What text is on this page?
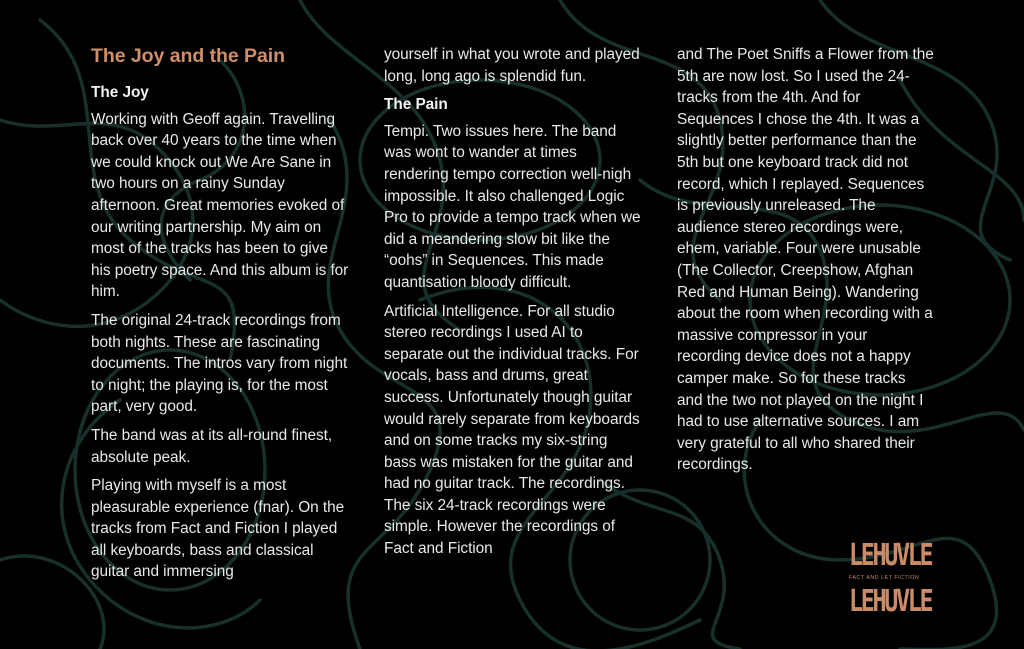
The Joy and the Pain
The Joy

Working with Geoff again. Travelling back over 40 years to the time when we could knock out We Are Sane in two hours on a rainy Sunday afternoon. Great memories evoked of our writing partnership. My aim on most of the tracks has been to give his poetry space. And this album is for him.

The original 24-track recordings from both nights. These are fascinating documents. The intros vary from night to night; the playing is, for the most part, very good.

The band was at its all-round finest, absolute peak.

Playing with myself is a most pleasurable experience (fnar). On the tracks from Fact and Fiction I played all keyboards, bass and classical guitar and immersing

yourself in what you wrote and played long, long ago is splendid fun.

The Pain

Tempi. Two issues here. The band was wont to wander at times rendering tempo correction well-nigh impossible. It also challenged Logic Pro to provide a tempo track when we did a meandering slow bit like the “oohs” in Sequences. This made quantisation bloody difficult.

Artificial Intelligence. For all studio stereo recordings I used AI to separate out the individual tracks. For vocals, bass and drums, great success. Unfortunately though guitar would rarely separate from keyboards and on some tracks my six-string bass was mistaken for the guitar and had no guitar track. The recordings. The six 24-track recordings were simple. However the recordings of Fact and Fiction

and The Poet Sniffs a Flower from the 5th are now lost. So I used the 24-tracks from the 4th. And for Sequences I chose the 4th. It was a slightly better performance than the 5th but one keyboard track did not record, which I replayed. Sequences is previously unreleased. The audience stereo recordings were, ehem, variable. Four were unusable (The Collector, Creepshow, Afghan Red and Human Being). Wandering about the room when recording with a massive compressor in your recording device does not a happy camper make. So for these tracks and the two not played on the night I had to use alternative sources. I am very grateful to all who shared their recordings.

LEHUVLE
FACT AND LET FICTION
LEHUVLE
